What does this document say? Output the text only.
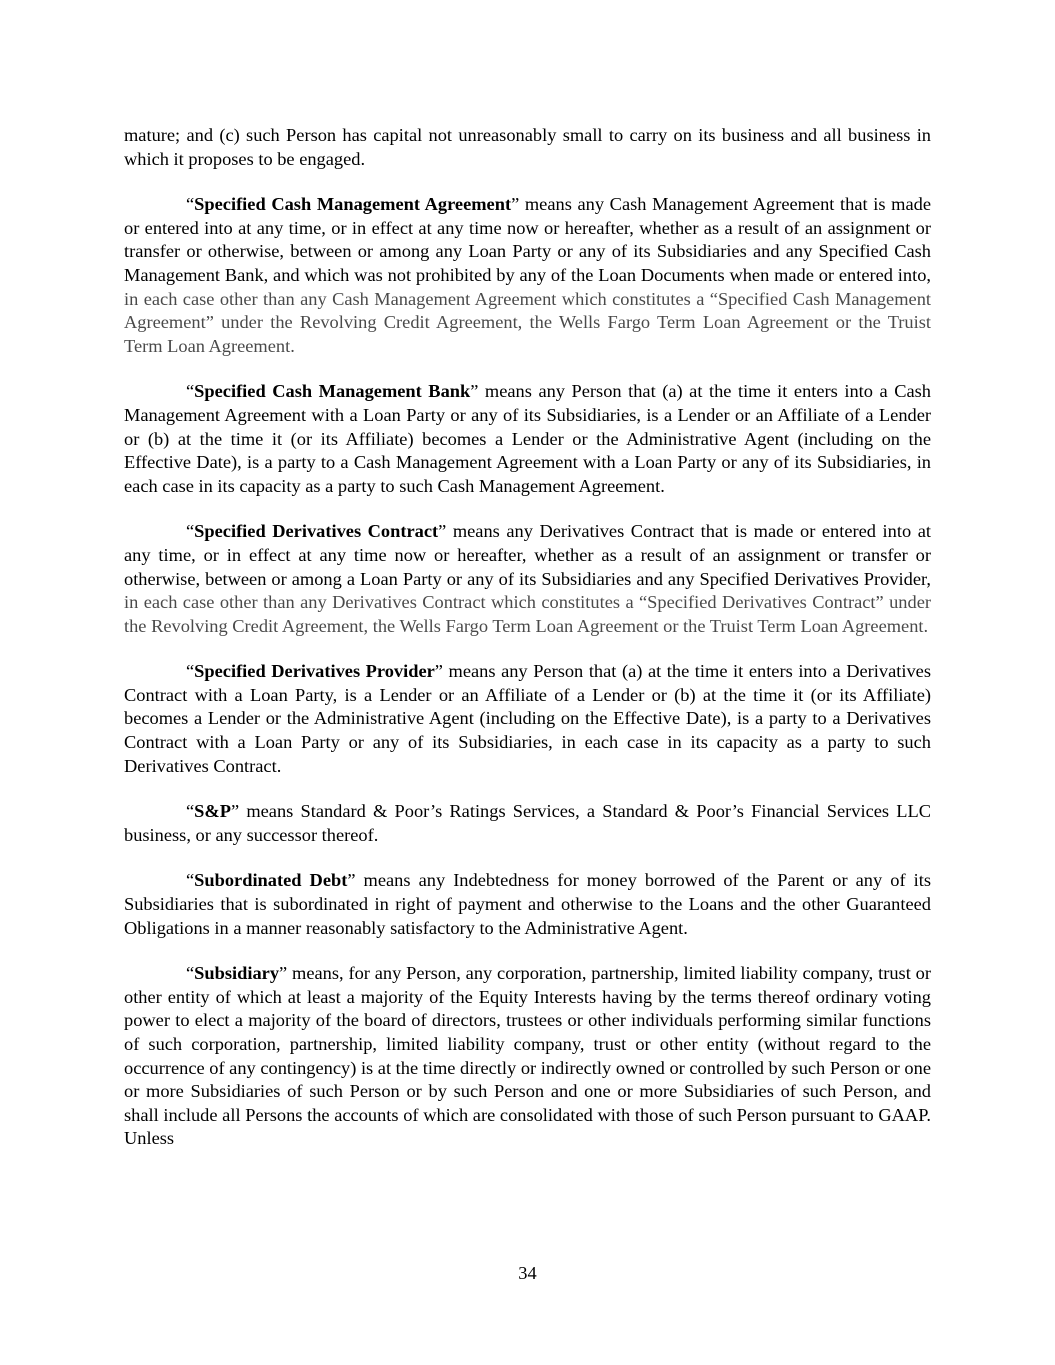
mature; and (c) such Person has capital not unreasonably small to carry on its business and all business in which it proposes to be engaged.

“Specified Cash Management Agreement” means any Cash Management Agreement that is made or entered into at any time, or in effect at any time now or hereafter, whether as a result of an assignment or transfer or otherwise, between or among any Loan Party or any of its Subsidiaries and any Specified Cash Management Bank, and which was not prohibited by any of the Loan Documents when made or entered into, in each case other than any Cash Management Agreement which constitutes a “Specified Cash Management Agreement” under the Revolving Credit Agreement, the Wells Fargo Term Loan Agreement or the Truist Term Loan Agreement.

“Specified Cash Management Bank” means any Person that (a) at the time it enters into a Cash Management Agreement with a Loan Party or any of its Subsidiaries, is a Lender or an Affiliate of a Lender or (b) at the time it (or its Affiliate) becomes a Lender or the Administrative Agent (including on the Effective Date), is a party to a Cash Management Agreement with a Loan Party or any of its Subsidiaries, in each case in its capacity as a party to such Cash Management Agreement.

“Specified Derivatives Contract” means any Derivatives Contract that is made or entered into at any time, or in effect at any time now or hereafter, whether as a result of an assignment or transfer or otherwise, between or among a Loan Party or any of its Subsidiaries and any Specified Derivatives Provider, in each case other than any Derivatives Contract which constitutes a “Specified Derivatives Contract” under the Revolving Credit Agreement, the Wells Fargo Term Loan Agreement or the Truist Term Loan Agreement.

“Specified Derivatives Provider” means any Person that (a) at the time it enters into a Derivatives Contract with a Loan Party, is a Lender or an Affiliate of a Lender or (b) at the time it (or its Affiliate) becomes a Lender or the Administrative Agent (including on the Effective Date), is a party to a Derivatives Contract with a Loan Party or any of its Subsidiaries, in each case in its capacity as a party to such Derivatives Contract.

“S&P” means Standard & Poor’s Ratings Services, a Standard & Poor’s Financial Services LLC business, or any successor thereof.

“Subordinated Debt” means any Indebtedness for money borrowed of the Parent or any of its Subsidiaries that is subordinated in right of payment and otherwise to the Loans and the other Guaranteed Obligations in a manner reasonably satisfactory to the Administrative Agent.

“Subsidiary” means, for any Person, any corporation, partnership, limited liability company, trust or other entity of which at least a majority of the Equity Interests having by the terms thereof ordinary voting power to elect a majority of the board of directors, trustees or other individuals performing similar functions of such corporation, partnership, limited liability company, trust or other entity (without regard to the occurrence of any contingency) is at the time directly or indirectly owned or controlled by such Person or one or more Subsidiaries of such Person or by such Person and one or more Subsidiaries of such Person, and shall include all Persons the accounts of which are consolidated with those of such Person pursuant to GAAP. Unless

34
